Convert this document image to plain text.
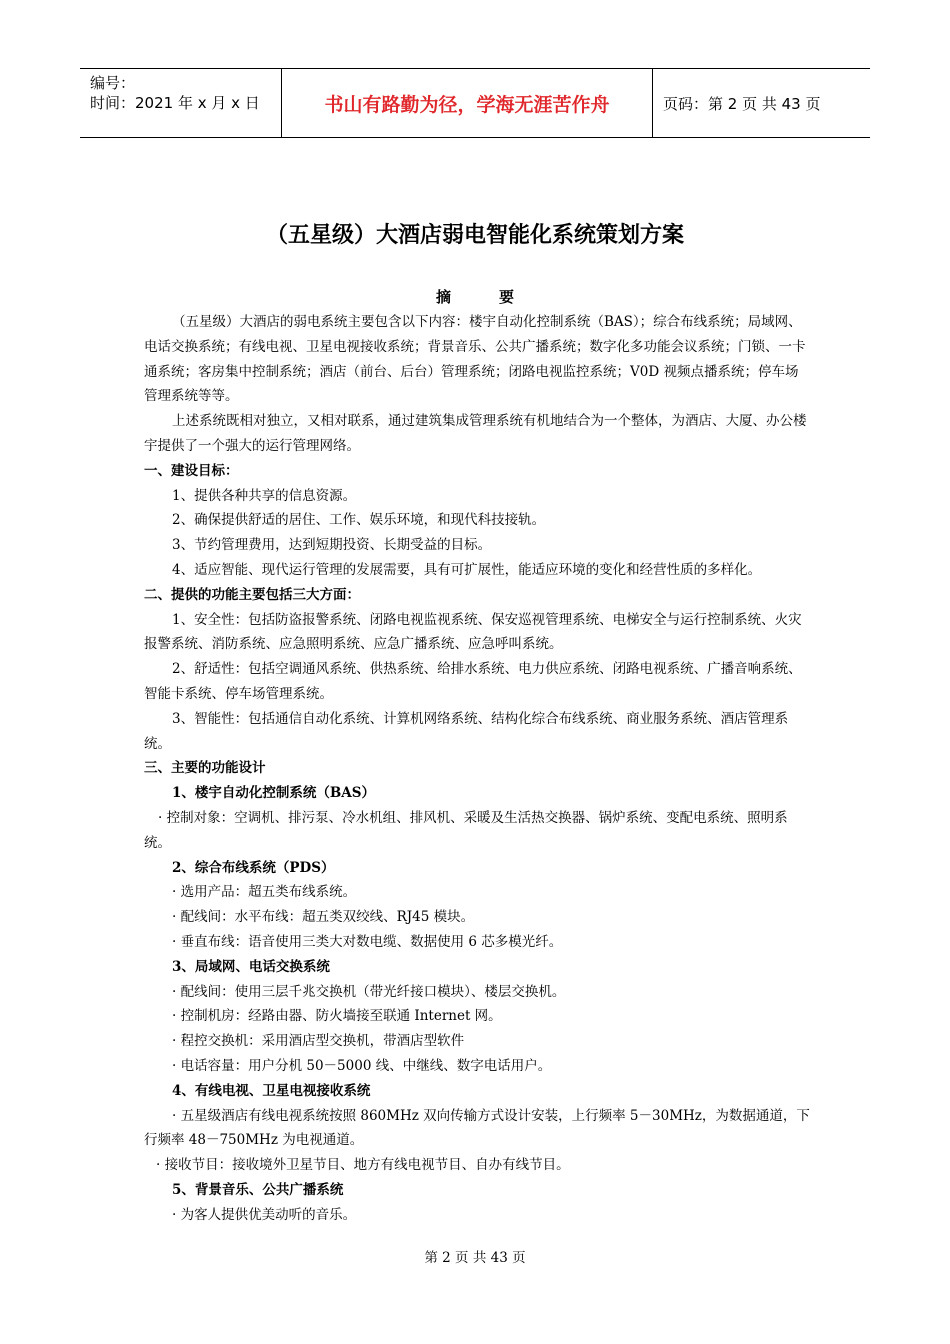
编号：
时间：2021 年 x 月 x 日	书山有路勤为径，学海无涯苦作舟	页码：第 2 页 共 43 页
（五星级）大酒店弱电智能化系统策划方案
摘	要

（五星级）大酒店的弱电系统主要包含以下内容：楼宇自动化控制系统（BAS）；综合布线系统；局域网、电话交换系统；有线电视、卫星电视接收系统；背景音乐、公共广播系统；数字化多功能会议系统；门锁、一卡通系统；客房集中控制系统；酒店（前台、后台）管理系统；闭路电视监控系统；V0D 视频点播系统；停车场管理系统等等。

上述系统既相对独立，又相对联系，通过建筑集成管理系统有机地结合为一个整体，为酒店、大厦、办公楼宇提供了一个强大的运行管理网络。

一、建设目标：

1、提供各种共享的信息资源。

2、确保提供舒适的居住、工作、娱乐环境，和现代科技接轨。

3、节约管理费用，达到短期投资、长期受益的目标。

4、适应智能、现代运行管理的发展需要，具有可扩展性，能适应环境的变化和经营性质的多样化。

二、提供的功能主要包括三大方面：

1、安全性：包括防盗报警系统、闭路电视监视系统、保安巡视管理系统、电梯安全与运行控制系统、火灾报警系统、消防系统、应急照明系统、应急广播系统、应急呼叫系统。

2、舒适性：包括空调通风系统、供热系统、给排水系统、电力供应系统、闭路电视系统、广播音响系统、智能卡系统、停车场管理系统。

3、智能性：包括通信自动化系统、计算机网络系统、结构化综合布线系统、商业服务系统、酒店管理系统。

三、主要的功能设计

1、楼宇自动化控制系统（BAS）

· 控制对象：空调机、排污泵、冷水机组、排风机、采暖及生活热交换器、锅炉系统、变配电系统、照明系统。

2、综合布线系统（PDS）

· 选用产品：超五类布线系统。

· 配线间：水平布线：超五类双绞线、RJ45 模块。

· 垂直布线：语音使用三类大对数电缆、数据使用 6 芯多模光纤。

3、局域网、电话交换系统

· 配线间：使用三层千兆交换机（带光纤接口模块）、楼层交换机。

· 控制机房：经路由器、防火墙接至联通 Internet 网。

· 程控交换机：采用酒店型交换机，带酒店型软件

· 电话容量：用户分机 50－5000 线、中继线、数字电话用户。

4、有线电视、卫星电视接收系统

· 五星级酒店有线电视系统按照 860MHz 双向传输方式设计安装，上行频率 5－30MHz，为数据通道，下行频率 48－750MHz 为电视通道。

· 接收节目：接收境外卫星节目、地方有线电视节目、自办有线节目。

5、背景音乐、公共广播系统

· 为客人提供优美动听的音乐。

第 2 页 共 43 页
